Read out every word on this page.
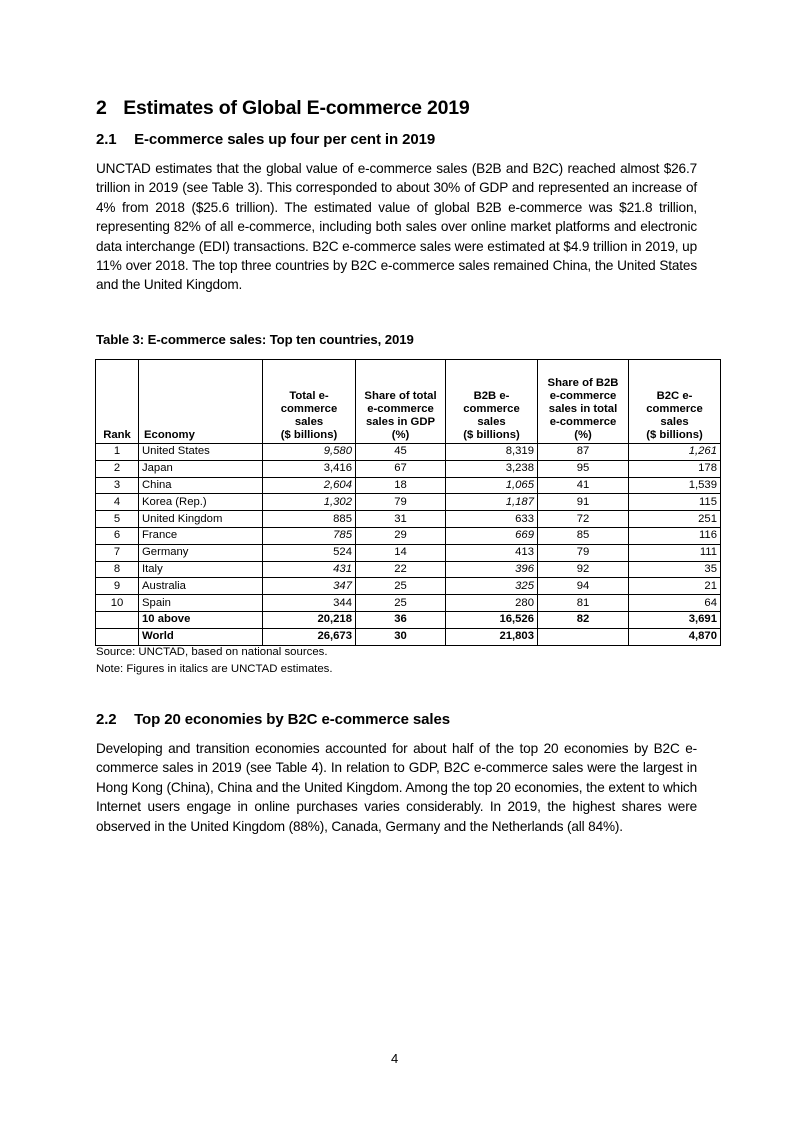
2 Estimates of Global E-commerce 2019
2.1 E-commerce sales up four per cent in 2019

UNCTAD estimates that the global value of e-commerce sales (B2B and B2C) reached almost $26.7 trillion in 2019 (see Table 3). This corresponded to about 30% of GDP and represented an increase of 4% from 2018 ($25.6 trillion). The estimated value of global B2B e-commerce was $21.8 trillion, representing 82% of all e-commerce, including both sales over online market platforms and electronic data interchange (EDI) transactions. B2C e-commerce sales were estimated at $4.9 trillion in 2019, up 11% over 2018. The top three countries by B2C e-commerce sales remained China, the United States and the United Kingdom.

Table 3: E-commerce sales: Top ten countries, 2019
Rank	Economy	Total e-
commerce
sales
($ billions)	Share of total
e-commerce
sales in GDP
(%)	B2B e-
commerce
sales
($ billions)	Share of B2B
e-commerce
sales in total
e-commerce
(%)	B2C e-
commerce
sales
($ billions)
1	United States	9,580	45	8,319	87	1,261
2	Japan	3,416	67	3,238	95	178
3	China	2,604	18	1,065	41	1,539
4	Korea (Rep.)	1,302	79	1,187	91	115
5	United Kingdom	885	31	633	72	251
6	France	785	29	669	85	116
7	Germany	524	14	413	79	111
8	Italy	431	22	396	92	35
9	Australia	347	25	325	94	21
10	Spain	344	25	280	81	64
	10 above	20,218	36	16,526	82	3,691
	World	26,673	30	21,803		4,870
Source: UNCTAD, based on national sources.
Note: Figures in italics are UNCTAD estimates.
2.2 Top 20 economies by B2C e-commerce sales

Developing and transition economies accounted for about half of the top 20 economies by B2C e-commerce sales in 2019 (see Table 4). In relation to GDP, B2C e-commerce sales were the largest in Hong Kong (China), China and the United Kingdom. Among the top 20 economies, the extent to which Internet users engage in online purchases varies considerably. In 2019, the highest shares were observed in the United Kingdom (88%), Canada, Germany and the Netherlands (all 84%).

4
